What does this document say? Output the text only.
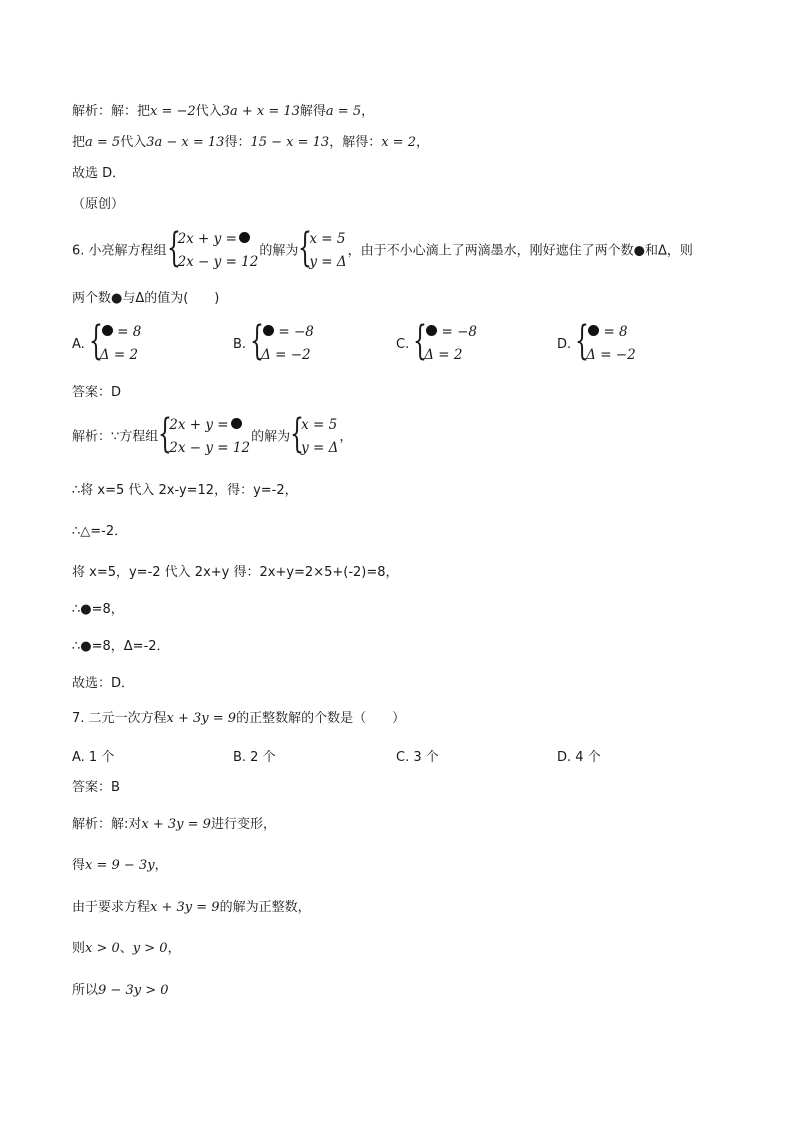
解析：解：把x = −2代入3a + x = 13解得a = 5，
把a = 5代入3a − x = 13得：15 − x = 13，解得：x = 2，
故选 D．
（原创）
6. 小亮解方程组 {
2x + y =
2x − y = 12
的解为 {
x = 5
y = Δ
，由于不小心滴上了两滴墨水，刚好遮住了两个数●和Δ，则
两个数●与Δ的值为(　　)
A. {	= 8
Δ = 2
B. {	= −8
Δ = −2
C. {	= −8
Δ = 2
D. {	= 8
Δ = −2
答案：D
解析：∵方程组 {
2x + y =
2x − y = 12
的解为 {
x = 5
y = Δ
，
∴将 x=5 代入 2x-y=12，得：y=-2，
∴△=-2．
将 x=5，y=-2 代入 2x+y 得：2x+y=2×5+(-2)=8，
∴●=8，
∴●=8，Δ=-2．
故选：D．
7. 二元一次方程x + 3y = 9的正整数解的个数是（　　）
A. 1 个	B. 2 个	C. 3 个	D. 4 个
答案：B
解析：解:对x + 3y = 9进行变形，
得x = 9 − 3y，
由于要求方程x + 3y = 9的解为正整数，
则x > 0、y > 0，
所以9 − 3y > 0
